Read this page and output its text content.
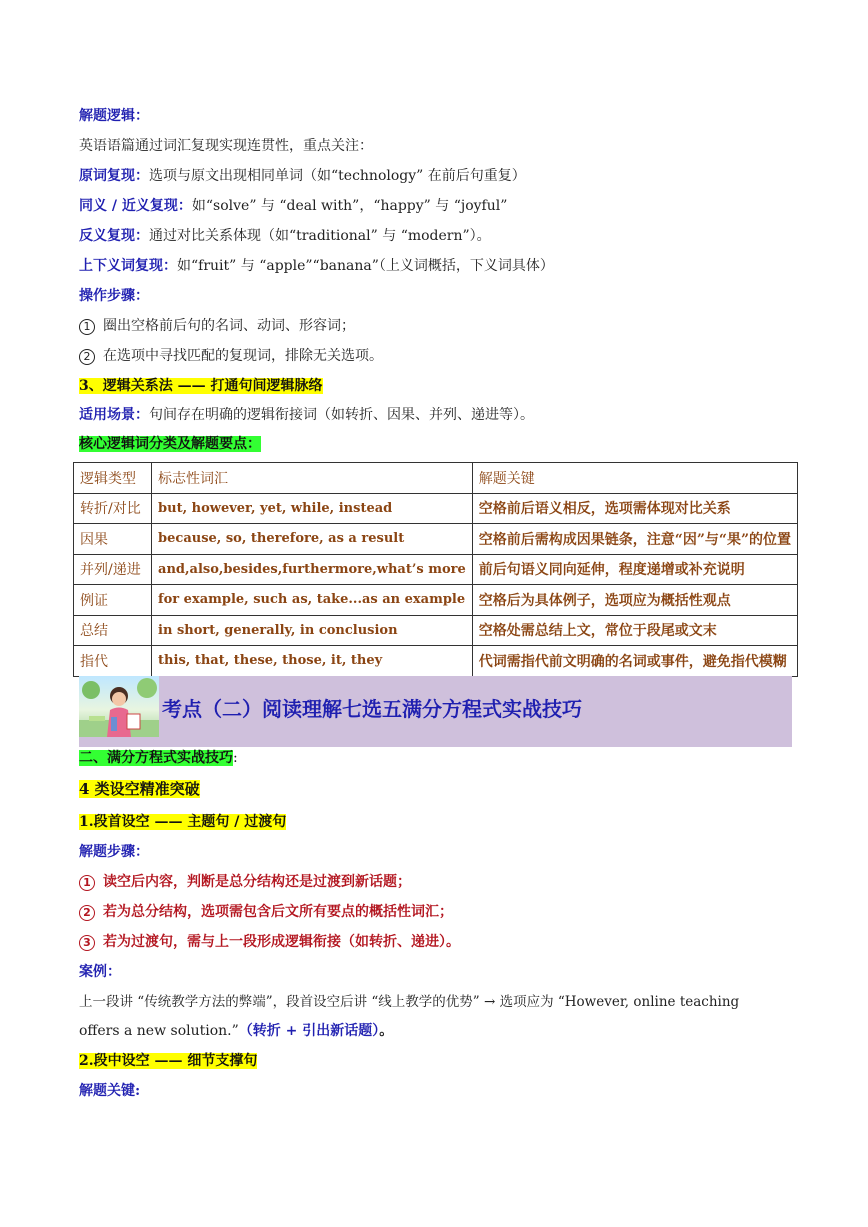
解题逻辑：
英语语篇通过词汇复现实现连贯性，重点关注：
原词复现：选项与原文出现相同单词（如“technology” 在前后句重复）
同义 / 近义复现：如“solve” 与 “deal with”，“happy” 与 “joyful”
反义复现：通过对比关系体现（如“traditional” 与 “modern”）。
上下义词复现：如“fruit” 与 “apple”“banana”（上义词概括，下义词具体）
操作步骤：
1 圈出空格前后句的名词、动词、形容词；
2 在选项中寻找匹配的复现词，排除无关选项。
3、逻辑关系法 —— 打通句间逻辑脉络
适用场景：句间存在明确的逻辑衔接词（如转折、因果、并列、递进等）。
核心逻辑词分类及解题要点：
逻辑类型	标志性词汇	解题关键
转折/对比	but, however, yet, while, instead	空格前后语义相反，选项需体现对比关系
因果	because, so, therefore, as a result	空格前后需构成因果链条，注意“因”与“果”的位置
并列/递进	and,also,besides,furthermore,what’s more	前后句语义同向延伸，程度递增或补充说明
例证	for example, such as, take...as an example	空格后为具体例子，选项应为概括性观点
总结	in short, generally, in conclusion	空格处需总结上文，常位于段尾或文末
指代	this, that, these, those, it, they	代词需指代前文明确的名词或事件，避免指代模糊
考点（二）阅读理解七选五满分方程式实战技巧
二、满分方程式实战技巧:
4 类设空精准突破
1.段首设空 —— 主题句 / 过渡句
解题步骤：
1 读空后内容，判断是总分结构还是过渡到新话题；
2 若为总分结构，选项需包含后文所有要点的概括性词汇；
3 若为过渡句，需与上一段形成逻辑衔接（如转折、递进）。
案例：
上一段讲 “传统教学方法的弊端”，段首设空后讲 “线上教学的优势” → 选项应为 “However, online teaching
offers a new solution.”（转折 + 引出新话题）。
2.段中设空 —— 细节支撑句
解题关键:
